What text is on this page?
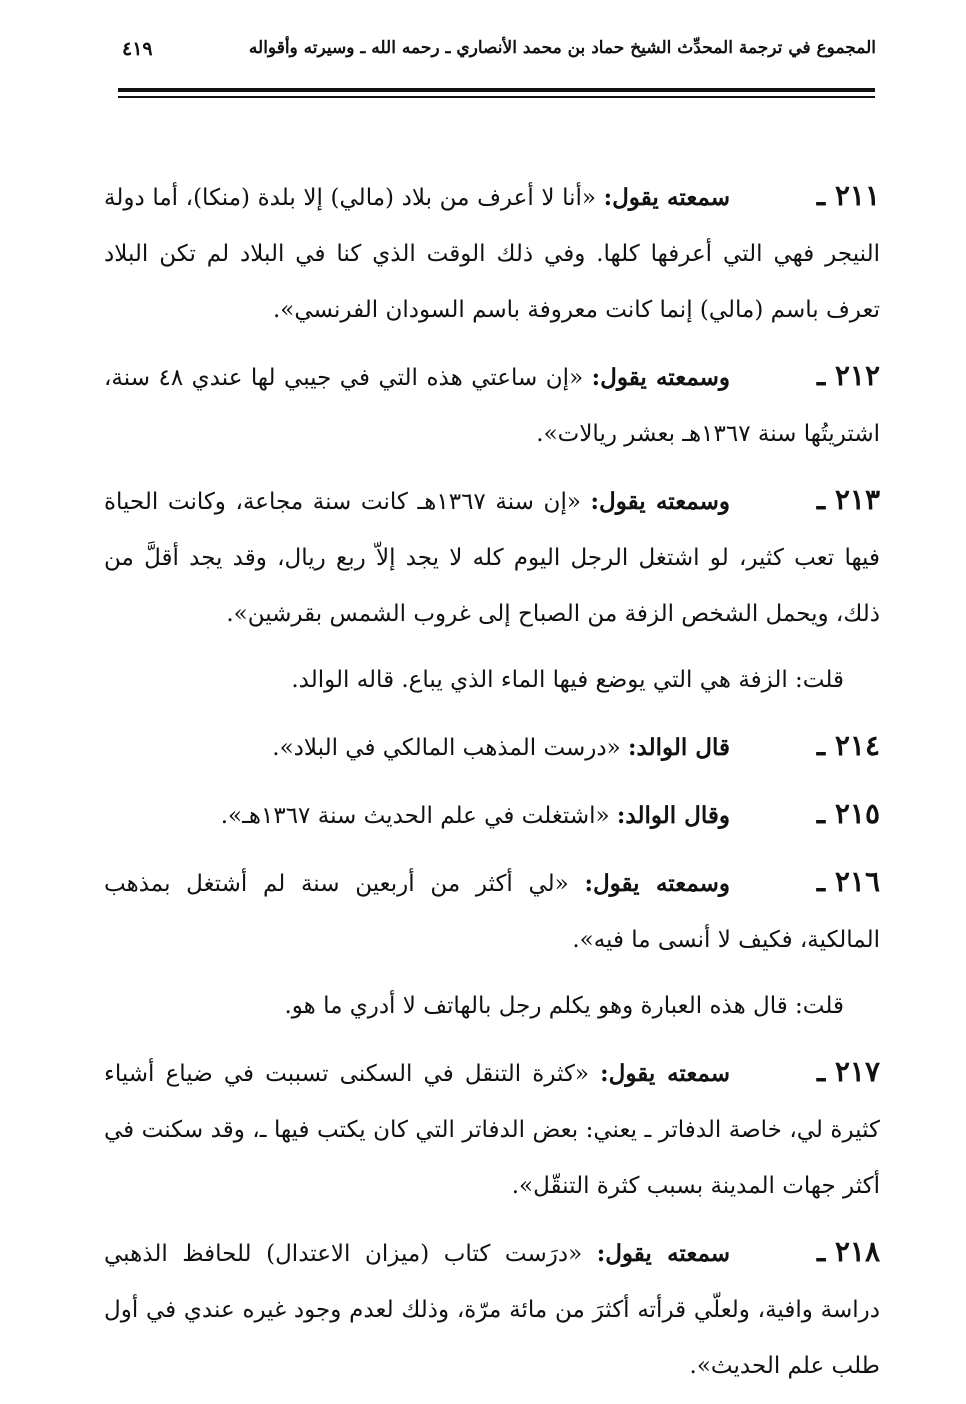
المجموع في ترجمة المحدِّث الشيخ حماد بن محمد الأنصاري ـ رحمه الله ـ وسيرته وأقواله
٤١٩

٢١١ ـسمعته يقول: «أنا لا أعرف من بلاد (مالي) إلا بلدة (منكا)، أما دولة النيجر فهي التي أعرفها كلها. وفي ذلك الوقت الذي كنا في البلاد لم تكن البلاد تعرف باسم (مالي) إنما كانت معروفة باسم السودان الفرنسي».

٢١٢ ـوسمعته يقول: «إن ساعتي هذه التي في جيبي لها عندي ٤٨ سنة، اشتريتُها سنة ١٣٦٧هـ بعشر ريالات».

٢١٣ ـوسمعته يقول: «إن سنة ١٣٦٧هـ كانت سنة مجاعة، وكانت الحياة فيها تعب كثير، لو اشتغل الرجل اليوم كله لا يجد إلاّ ربع ريال، وقد يجد أقلَّ من ذلك، ويحمل الشخص الزفة من الصباح إلى غروب الشمس بقرشين».

قلت: الزفة هي التي يوضع فيها الماء الذي يباع. قاله الوالد.

٢١٤ ـقال الوالد: «درست المذهب المالكي في البلاد».

٢١٥ ـوقال الوالد: «اشتغلت في علم الحديث سنة ١٣٦٧هـ».

٢١٦ ـوسمعته يقول: «لي أكثر من أربعين سنة لم أشتغل بمذهب المالكية، فكيف لا أنسى ما فيه».

قلت: قال هذه العبارة وهو يكلم رجل بالهاتف لا أدري ما هو.

٢١٧ ـسمعته يقول: «كثرة التنقل في السكنى تسببت في ضياع أشياء كثيرة لي، خاصة الدفاتر ـ يعني: بعض الدفاتر التي كان يكتب فيها ـ، وقد سكنت في أكثر جهات المدينة بسبب كثرة التنقّل».

٢١٨ ـسمعته يقول: «درَست كتاب (ميزان الاعتدال) للحافظ الذهبي دراسة وافية، ولعلّي قرأته أكثرَ من مائة مرّة، وذلك لعدم وجود غيره عندي في أول طلب علم الحديث».
